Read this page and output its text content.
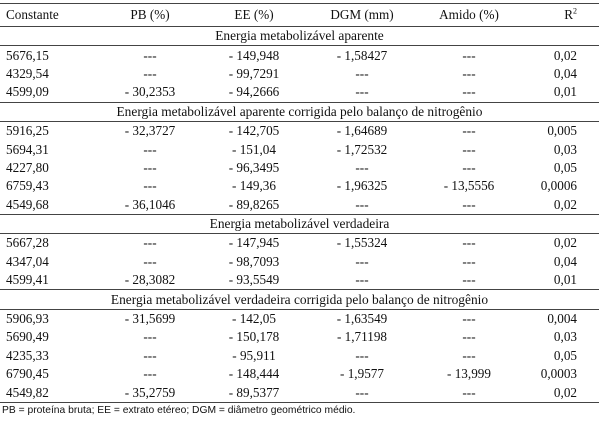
Constante	PB (%)	EE (%)	DGM (mm)	Amido (%)	$R^2$
Energia metabolizável aparente					
5676,15	---	- 149,948	- 1,58427	---	0,02
4329,54	---	- 99,7291	---	---	0,04
4599,09	- 30,2353	- 94,2666	---	---	0,01
Energia metabolizável aparente corrigida pelo balanço de nitrogênio					
5916,25	- 32,3727	- 142,705	- 1,64689	---	0,005
5694,31	---	- 151,04	- 1,72532	---	0,03
4227,80	---	- 96,3495	---	---	0,05
6759,43	---	- 149,36	- 1,96325	- 13,5556	0,0006
4549,68	- 36,1046	- 89,8265	---	---	0,02
Energia metabolizável verdadeira					
5667,28	---	- 147,945	- 1,55324	---	0,02
4347,04	---	- 98,7093	---	---	0,04
4599,41	- 28,3082	- 93,5549	---	---	0,01
Energia metabolizável verdadeira corrigida pelo balanço de nitrogênio					
5906,93	- 31,5699	- 142,05	- 1,63549	---	0,004
5690,49	---	- 150,178	- 1,71198	---	0,03
4235,33	---	- 95,911	---	---	0,05
6790,45	---	- 148,444	- 1,9577	- 13,999	0,0003
4549,82	- 35,2759	- 89,5377	---	---	0,02
PB = proteína bruta; EE = extrato etéreo; DGM = diâmetro geométrico médio.
